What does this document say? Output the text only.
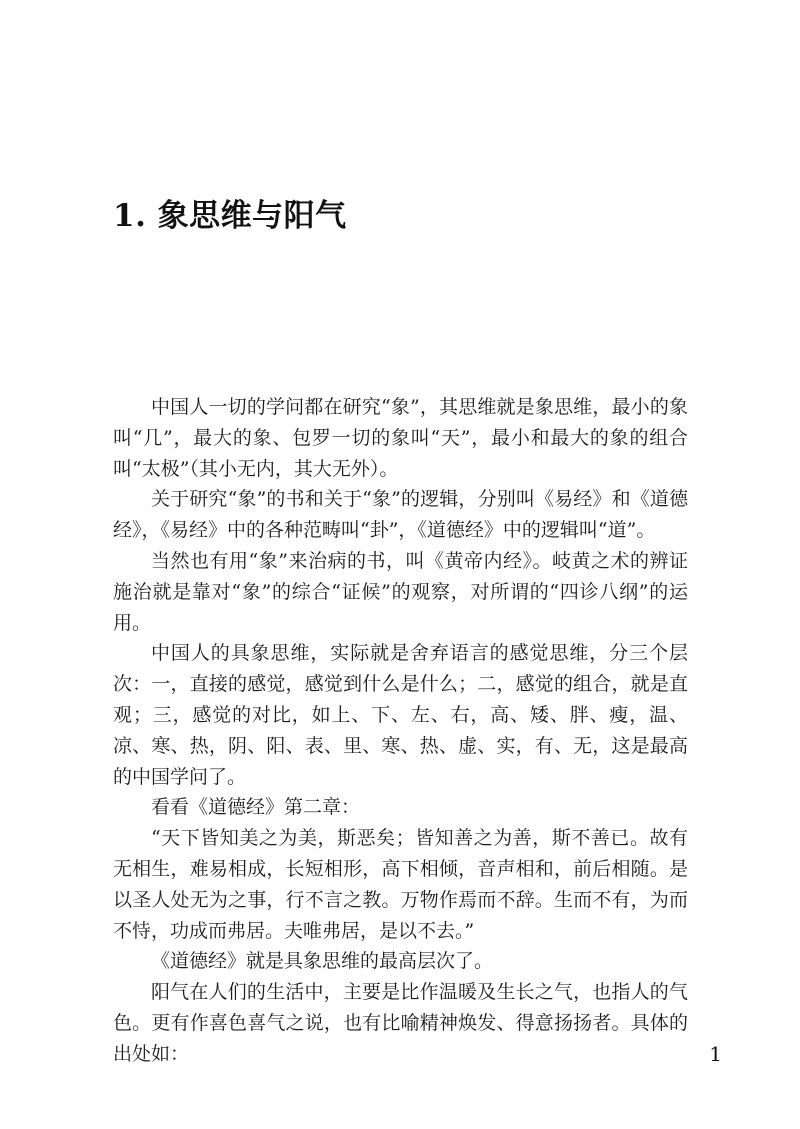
1. 象思维与阳气

中国人一切的学问都在研究“象”，其思维就是象思维，最小的象叫“几”，最大的象、包罗一切的象叫“天”，最小和最大的象的组合叫“太极”（其小无内，其大无外）。

关于研究“象”的书和关于“象”的逻辑，分别叫《易经》和《道德经》，《易经》中的各种范畴叫“卦”，《道德经》中的逻辑叫“道”。

当然也有用“象”来治病的书，叫《黄帝内经》。岐黄之术的辨证施治就是靠对“象”的综合“证候”的观察，对所谓的“四诊八纲”的运用。

中国人的具象思维，实际就是舍弃语言的感觉思维，分三个层次：一，直接的感觉，感觉到什么是什么；二，感觉的组合，就是直观；三，感觉的对比，如上、下、左、右，高、矮、胖、瘦，温、凉、寒、热，阴、阳、表、里、寒、热、虚、实，有、无，这是最高的中国学问了。

看看《道德经》第二章：

“天下皆知美之为美，斯恶矣；皆知善之为善，斯不善已。故有无相生，难易相成，长短相形，高下相倾，音声相和，前后相随。是以圣人处无为之事，行不言之教。万物作焉而不辞。生而不有，为而不恃，功成而弗居。夫唯弗居，是以不去。”

《道德经》就是具象思维的最高层次了。

阳气在人们的生活中，主要是比作温暖及生长之气，也指人的气色。更有作喜色喜气之说，也有比喻精神焕发、得意扬扬者。具体的出处如：	1
